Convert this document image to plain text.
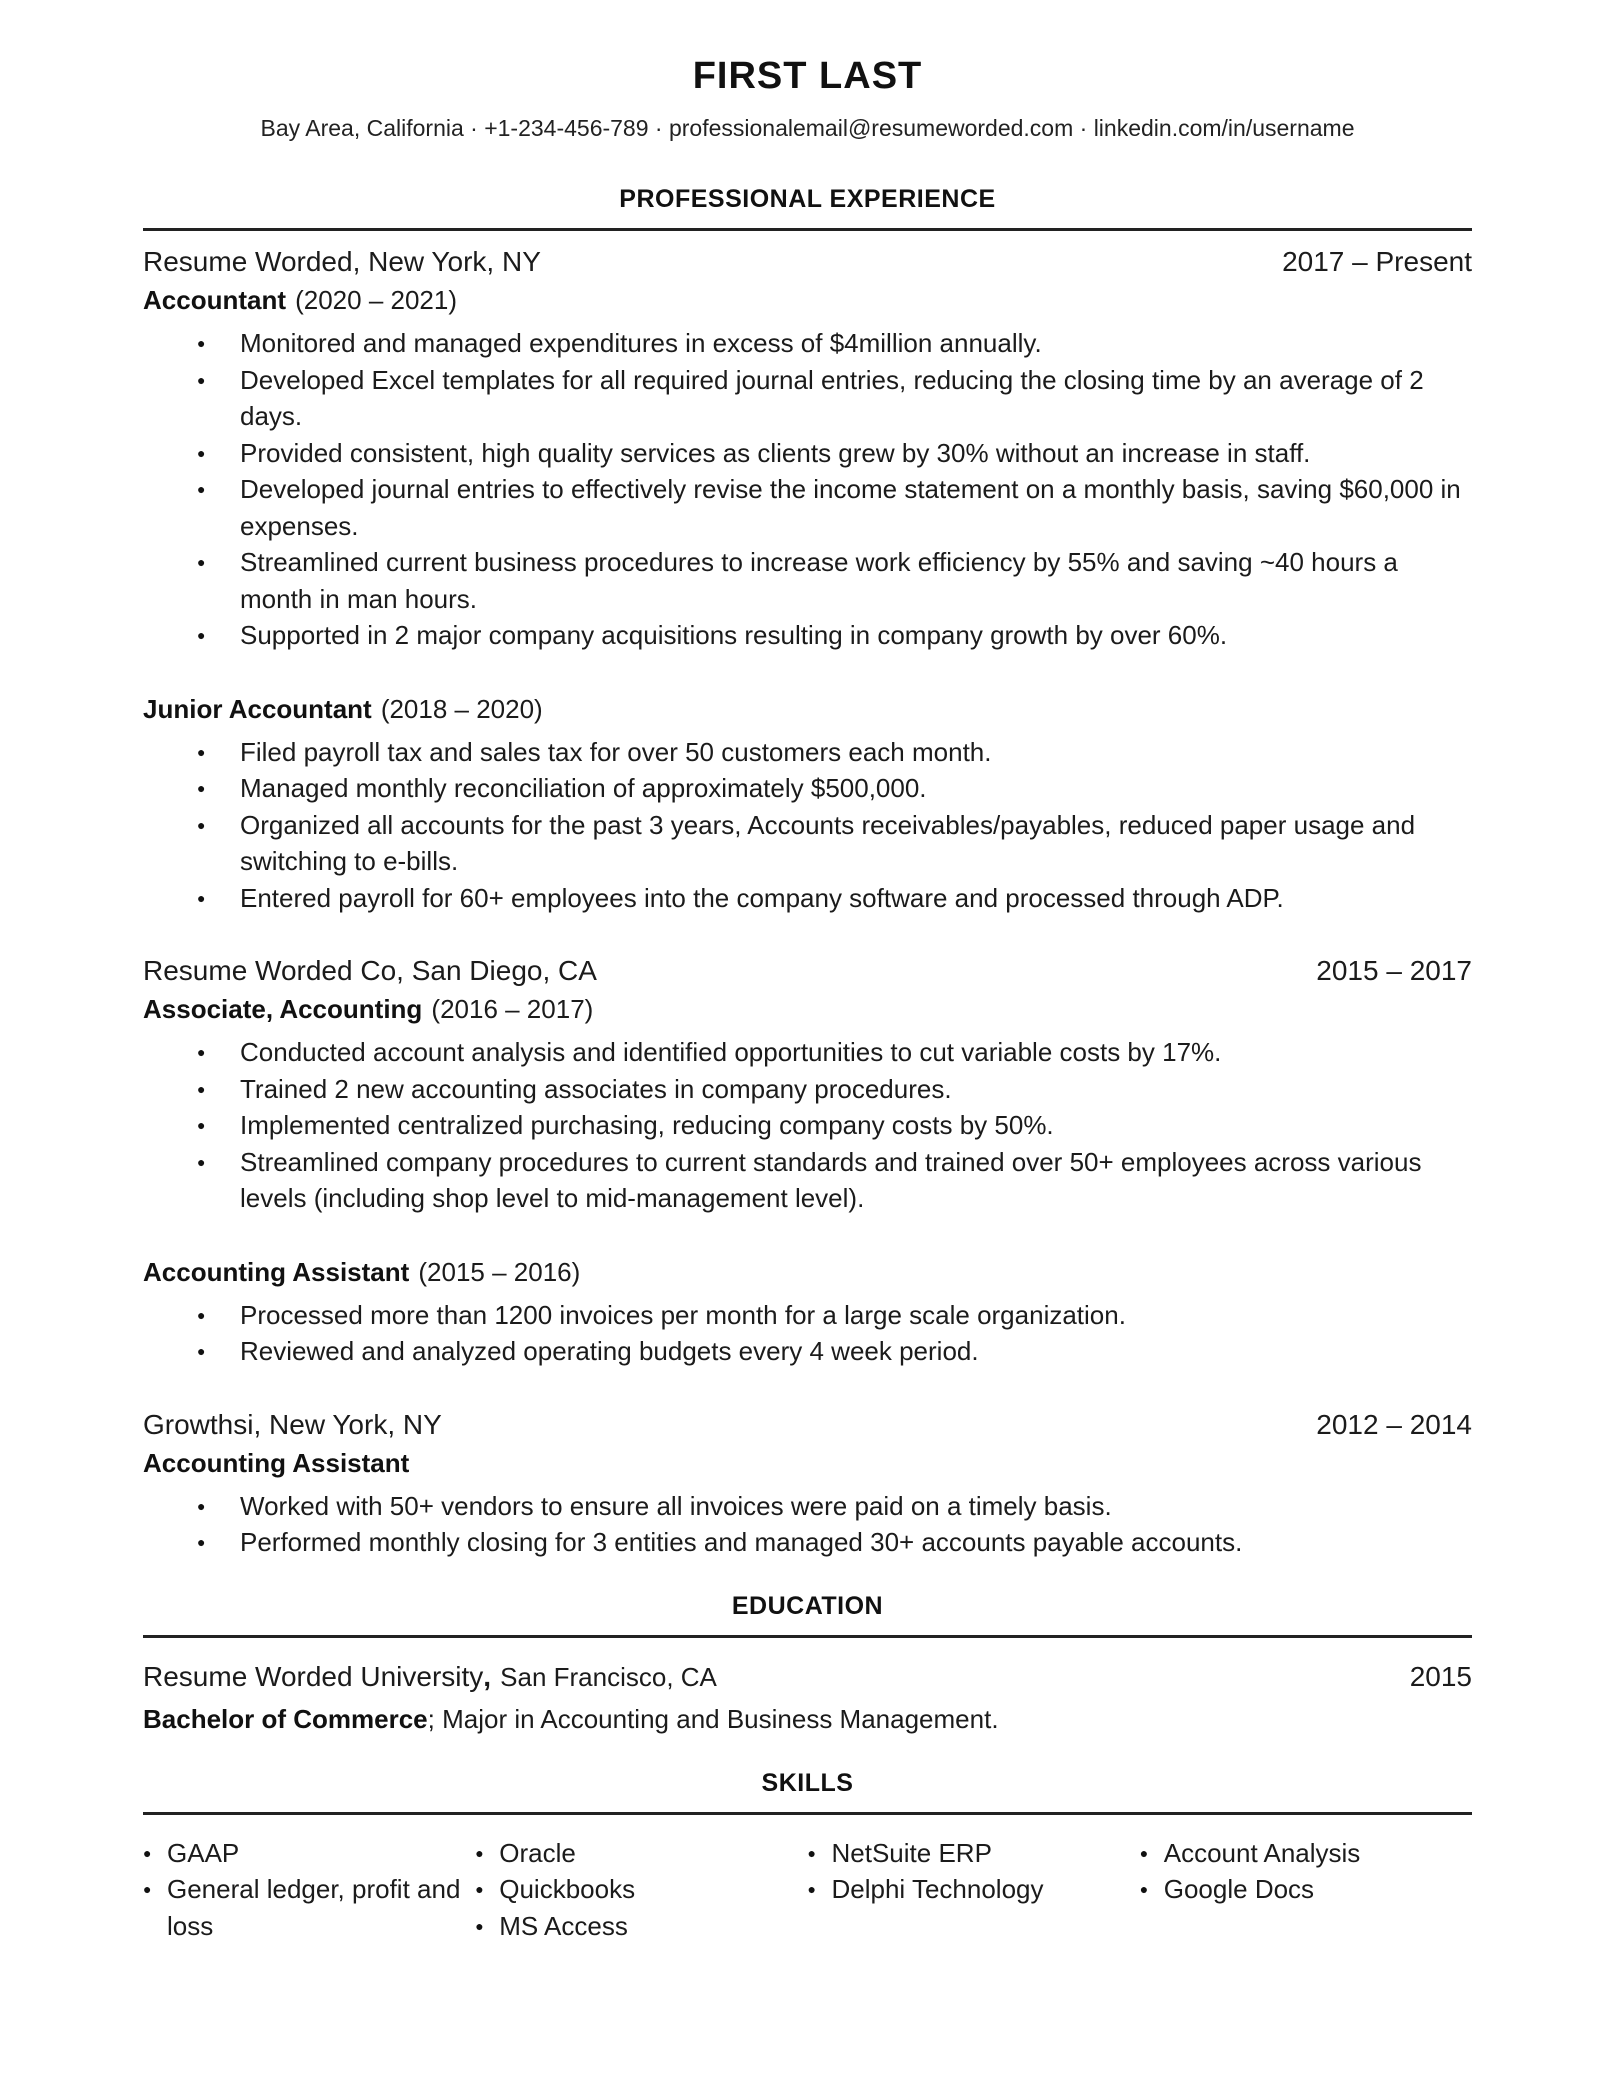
FIRST LAST

Bay Area, California · +1-234-456-789 · professionalemail@resumeworded.com · linkedin.com/in/username

PROFESSIONAL EXPERIENCE
Resume Worded, New York, NY	2017 – Present

Accountant (2020 – 2021)

●
Monitored and managed expenditures in excess of $4million annually.
●
Developed Excel templates for all required journal entries, reducing the closing time by an average of 2 days.
●
Provided consistent, high quality services as clients grew by 30% without an increase in staff.
●
Developed journal entries to effectively revise the income statement on a monthly basis, saving $60,000 in expenses.
●
Streamlined current business procedures to increase work efficiency by 55% and saving ~40 hours a month in man hours.
●
Supported in 2 major company acquisitions resulting in company growth by over 60%.

Junior Accountant (2018 – 2020)

●
Filed payroll tax and sales tax for over 50 customers each month.
●
Managed monthly reconciliation of approximately $500,000.
●
Organized all accounts for the past 3 years, Accounts receivables/payables, reduced paper usage and switching to e-bills.
●
Entered payroll for 60+ employees into the company software and processed through ADP.
Resume Worded Co, San Diego, CA	2015 – 2017

Associate, Accounting (2016 – 2017)

●
Conducted account analysis and identified opportunities to cut variable costs by 17%.
●
Trained 2 new accounting associates in company procedures.
●
Implemented centralized purchasing, reducing company costs by 50%.
●
Streamlined company procedures to current standards and trained over 50+ employees across various levels (including shop level to mid-management level).

Accounting Assistant (2015 – 2016)

●
Processed more than 1200 invoices per month for a large scale organization.
●
Reviewed and analyzed operating budgets every 4 week period.
Growthsi, New York, NY	2012 – 2014

Accounting Assistant

●
Worked with 50+ vendors to ensure all invoices were paid on a timely basis.
●
Performed monthly closing for 3 entities and managed 30+ accounts payable accounts.
EDUCATION
Resume Worded University, San Francisco, CA	2015

Bachelor of Commerce; Major in Accounting and Business Management.

SKILLS
●
GAAP
●
General ledger, profit and loss
●
Oracle
●
Quickbooks
●
MS Access
●
NetSuite ERP
●
Delphi Technology
●
Account Analysis
●
Google Docs
